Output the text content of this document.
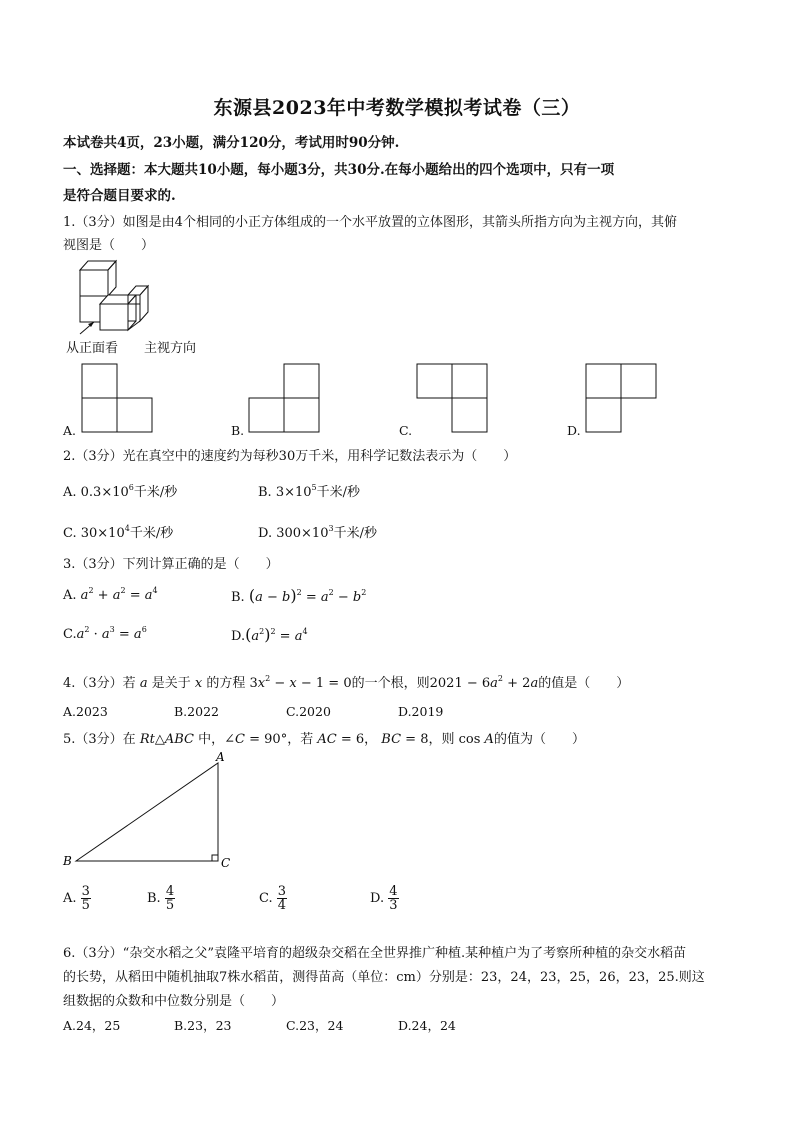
东源县2023年中考数学模拟考试卷（三）
本试卷共4页，23小题，满分120分，考试用时90分钟.
一、选择题：本大题共10小题，每小题3分，共30分.在每小题给出的四个选项中，只有一项
是符合题目要求的.
1.（3分）如图是由4个相同的小正方体组成的一个水平放置的立体图形，其箭头所指方向为主视方向，其俯
视图是（　　）
从正面看 主视方向
A.	B.	C.	D.
2.（3分）光在真空中的速度约为每秒30万千米，用科学记数法表示为（　　）
A. $0.3\times 10^6$千米/秒	B. $3\times 10^5$千米/秒
C. $30\times 10^4$千米/秒	D. $300\times 10^3$千米/秒
3.（3分）下列计算正确的是（　　）
A. $a^2 + a^2 = a^4$	B. $(a - b)^2 = a^2 - b^2$
$C.a^2 \cdot a^3 = a^6$	$D.(a^2)^2 = a^4$
4.（3分）若 a 是关于 x 的方程 $3x^2 - x - 1 = 0$的一个根，则$2021 - 6a^2 + 2a$的值是（　　）
A.2023	B.2022	C.2020	D.2019
5.（3分）在 Rt△ABC 中，∠C = 90°，若 AC = 6， BC = 8，则 cos A的值为（　　）
A
B	C
A. $\frac{3}{5}$	B. $\frac{4}{5}$	C. $\frac{3}{4}$	D. $\frac{4}{3}$
6.（3分）“杂交水稻之父”袁隆平培育的超级杂交稻在全世界推广种植.某种植户为了考察所种植的杂交水稻苗
的长势，从稻田中随机抽取7株水稻苗，测得苗高（单位：cm）分别是：23，24，23，25，26，23，25.则这
组数据的众数和中位数分别是（　　）
A.24，25	B.23，23	C.23，24	D.24，24
